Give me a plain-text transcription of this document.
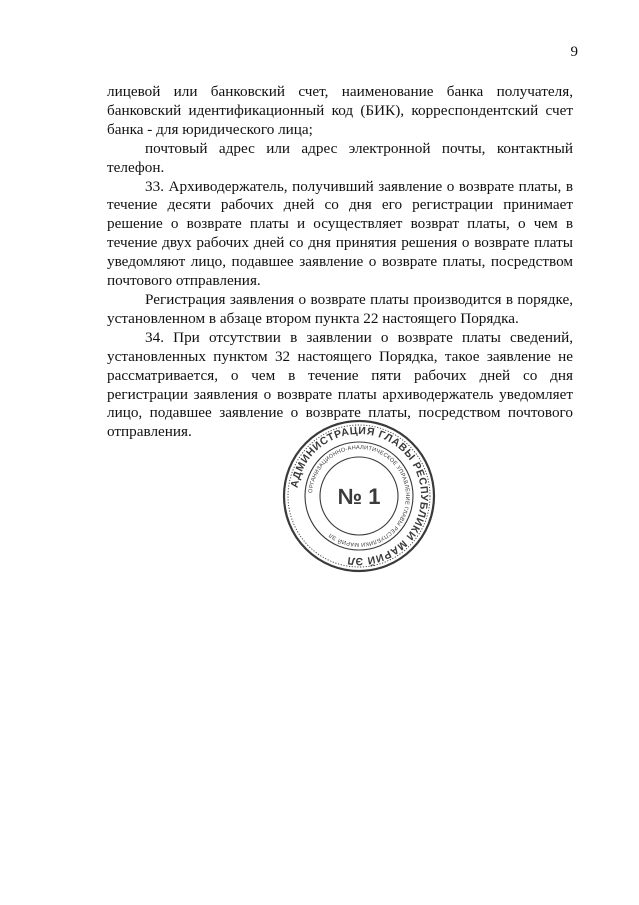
9

лицевой или банковский счет, наименование банка получателя, банковский идентификационный код (БИК), корреспондентский счет банка - для юридического лица;

почтовый адрес или адрес электронной почты, контактный телефон.

33. Архиводержатель, получивший заявление о возврате платы, в течение десяти рабочих дней со дня его регистрации принимает решение о возврате платы и осуществляет возврат платы, о чем в течение двух рабочих дней со дня принятия решения о возврате платы уведомляют лицо, подавшее заявление о возврате платы, посредством почтового отправления.

Регистрация заявления о возврате платы производится в порядке, установленном в абзаце втором пункта 22 настоящего Порядка.

34. При отсутствии в заявлении о возврате платы сведений, установленных пунктом 32 настоящего Порядка, такое заявление не рассматривается, о чем в течение пяти рабочих дней со дня регистрации заявления о возврате платы архиводержатель уведомляет лицо, подавшее заявление о возврате платы, посредством почтового отправления.

АДМИНИСТРАЦИЯ ГЛАВЫ РЕСПУБЛИКИ МАРИЙ ЭЛ
ОРГАНИЗАЦИОННО-АНАЛИТИЧЕСКОЕ УПРАВЛЕНИЕ ГЛАВЫ РЕСПУБЛИКИ МАРИЙ ЭЛ
№ 1
